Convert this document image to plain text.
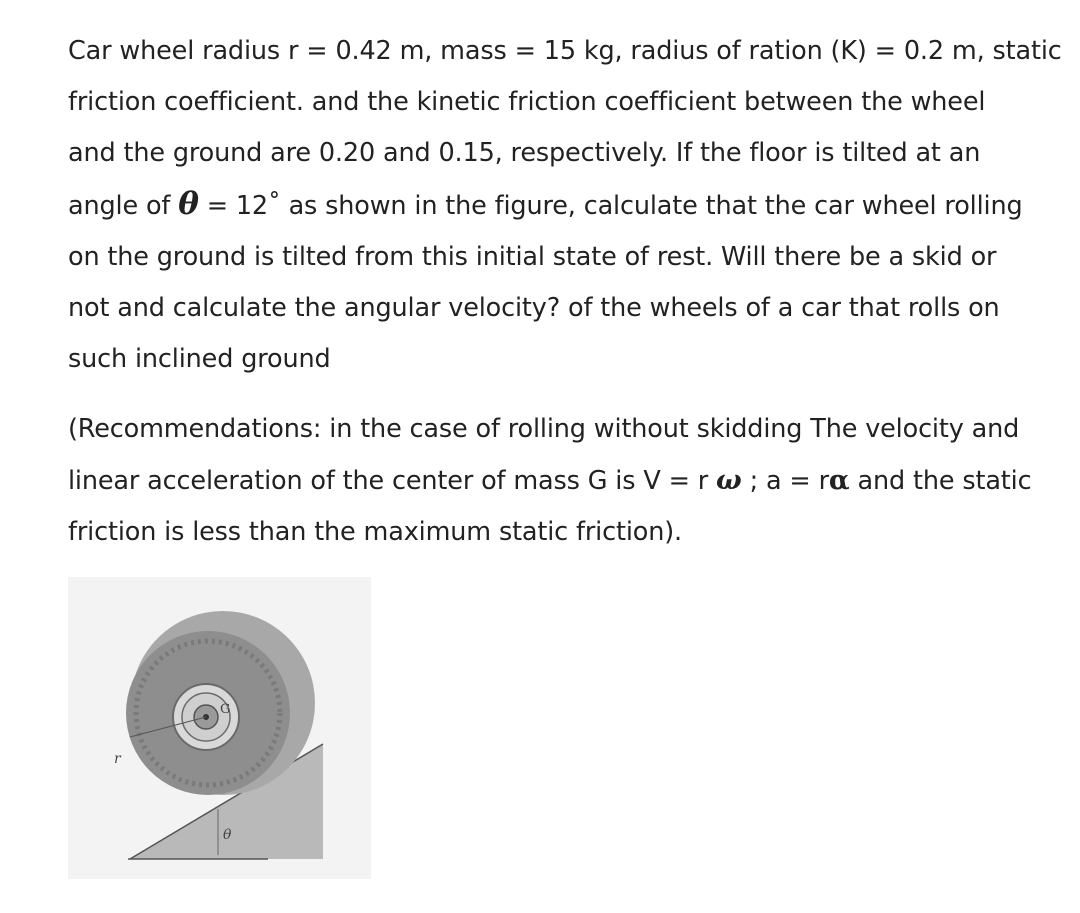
Car wheel radius r = 0.42 m, mass = 15 kg, radius of ration (K) = 0.2 m, static
friction coefficient. and the kinetic friction coefficient between the wheel
and the ground are 0.20 and 0.15, respectively. If the floor is tilted at an
angle of θ = 12˚ as shown in the figure, calculate that the car wheel rolling
on the ground is tilted from this initial state of rest. Will there be a skid or
not and calculate the angular velocity? of the wheels of a car that rolls on
such inclined ground
(Recommendations: in the case of rolling without skidding The velocity and
linear acceleration of the center of mass G is V = r ω ; a = rα and the static
friction is less than the maximum static friction).
r
G
θ
